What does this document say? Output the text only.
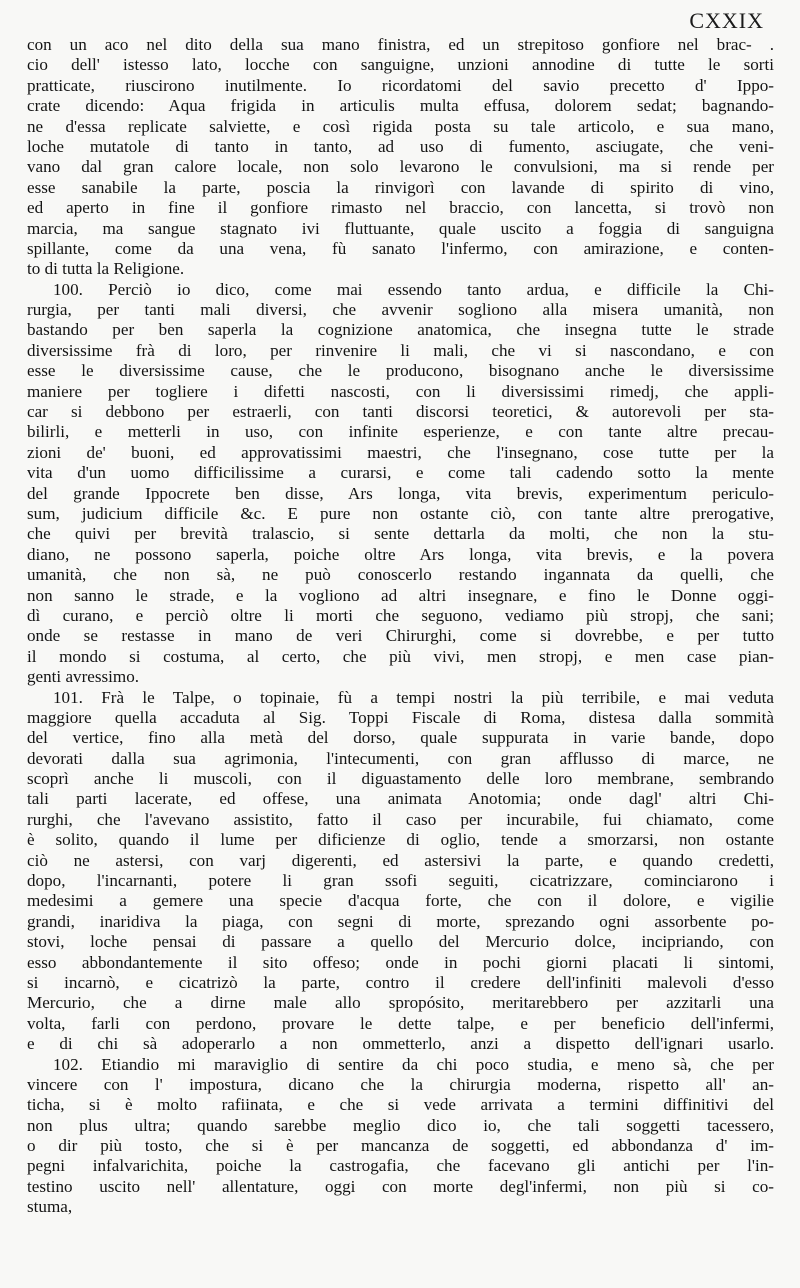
CXXIX
con un aco nel dito della sua mano finistra, ed un strepitoso gonfiore nel brac- .
cio dell' istesso lato, locche con sanguigne, unzioni annodine di tutte le sorti
pratticate, riuscirono inutilmente. Io ricordatomi del savio precetto d' Ippo-
crate dicendo: Aqua frigida in articulis multa effusa, dolorem sedat; bagnando-
ne d'essa replicate salviette, e così rigida posta su tale articolo, e sua mano,
loche mutatole di tanto in tanto, ad uso di fumento, asciugate, che veni-
vano dal gran calore locale, non solo levarono le convulsioni, ma si rende per
esse sanabile la parte, poscia la rinvigorì con lavande di spirito di vino,
ed aperto in fine il gonfiore rimasto nel braccio, con lancetta, si trovò non
marcia, ma sangue stagnato ivi fluttuante, quale uscito a foggia di sanguigna
spillante, come da una vena, fù sanato l'infermo, con amirazione, e conten-
to di tutta la Religione.
100. Perciò io dico, come mai essendo tanto ardua, e difficile la Chi-
rurgia, per tanti mali diversi, che avvenir sogliono alla misera umanità, non
bastando per ben saperla la cognizione anatomica, che insegna tutte le strade
diversissime frà di loro, per rinvenire li mali, che vi si nascondano, e con
esse le diversissime cause, che le producono, bisognano anche le diversissime
maniere per togliere i difetti nascosti, con li diversissimi rimedj, che appli-
car si debbono per estraerli, con tanti discorsi teoretici, & autorevoli per sta-
bilirli, e metterli in uso, con infinite esperienze, e con tante altre precau-
zioni de' buoni, ed approvatissimi maestri, che l'insegnano, cose tutte per la
vita d'un uomo difficilissime a curarsi, e come tali cadendo sotto la mente
del grande Ippocrete ben disse, Ars longa, vita brevis, experimentum periculo-
sum, judicium difficile &c. E pure non ostante ciò, con tante altre prerogative,
che quivi per brevità tralascio, si sente dettarla da molti, che non la stu-
diano, ne possono saperla, poiche oltre Ars longa, vita brevis, e la povera
umanità, che non sà, ne può conoscerlo restando ingannata da quelli, che
non sanno le strade, e la vogliono ad altri insegnare, e fino le Donne oggi-
dì curano, e perciò oltre li morti che seguono, vediamo più stropj, che sani;
onde se restasse in mano de veri Chirurghi, come si dovrebbe, e per tutto
il mondo si costuma, al certo, che più vivi, men stropj, e men case pian-
genti avressimo.
101. Frà le Talpe, o topinaie, fù a tempi nostri la più terribile, e mai veduta
maggiore quella accaduta al Sig. Toppi Fiscale di Roma, distesa dalla sommità
del vertice, fino alla metà del dorso, quale suppurata in varie bande, dopo
devorati dalla sua agrimonia, l'intecumenti, con gran afflusso di marce, ne
scoprì anche li muscoli, con il diguastamento delle loro membrane, sembrando
tali parti lacerate, ed offese, una animata Anotomia; onde dagl' altri Chi-
rurghi, che l'avevano assistito, fatto il caso per incurabile, fui chiamato, come
è solito, quando il lume per dificienze di oglio, tende a smorzarsi, non ostante
ciò ne astersi, con varj digerenti, ed astersivi la parte, e quando credetti,
dopo, l'incarnanti, potere li gran ssofi seguiti, cicatrizzare, cominciarono i
medesimi a gemere una specie d'acqua forte, che con il dolore, e vigilie
grandi, inaridiva la piaga, con segni di morte, sprezando ogni assorbente po-
stovi, loche pensai di passare a quello del Mercurio dolce, incipriando, con
esso abbondantemente il sito offeso; onde in pochi giorni placati li sintomi,
si incarnò, e cicatrizò la parte, contro il credere dell'infiniti malevoli d'esso
Mercurio, che a dirne male allo spropósito, meritarebbero per azzitarli una
volta, farli con perdono, provare le dette talpe, e per beneficio dell'infermi,
e di chi sà adoperarlo a non ommetterlo, anzi a dispetto dell'ignari usarlo.
102. Etiandio mi maraviglio di sentire da chi poco studia, e meno sà, che per
vincere con l' impostura, dicano che la chirurgia moderna, rispetto all' an-
ticha, si è molto rafiinata, e che si vede arrivata a termini diffinitivi del
non plus ultra; quando sarebbe meglio dico io, che tali soggetti tacessero,
o dir più tosto, che si è per mancanza de soggetti, ed abbondanza d' im-
pegni infalvarichita, poiche la castrogafia, che facevano gli antichi per l'in-
testino uscito nell' allentature, oggi con morte degl'infermi, non più si co-
stuma,
